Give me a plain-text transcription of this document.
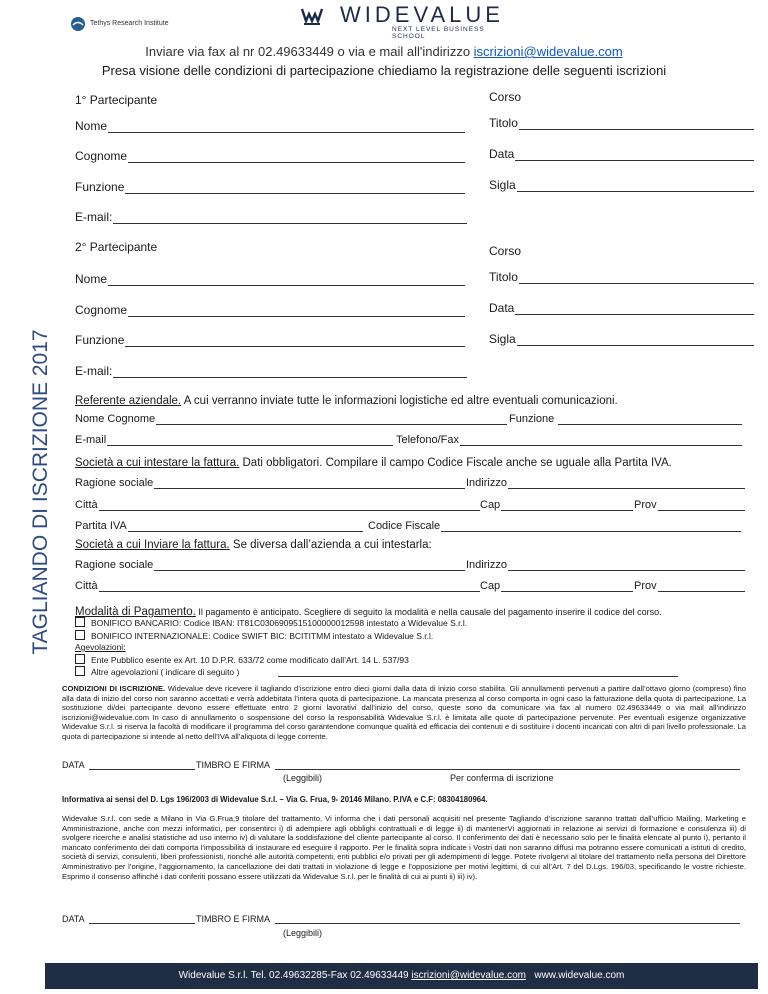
Tethys Research Institute	WIDEVALUE
NEXT LEVEL BUSINESS SCHOOL
Inviare via fax al nr 02.49633449 o via e mail all'indirizzo iscrizioni@widevalue.com
Presa visione delle condizioni di partecipazione chiediamo la registrazione delle seguenti iscrizioni
TAGLIANDO DI ISCRIZIONE 2017
1° Partecipante	Corso
Nome	Titolo
Cognome	Data
Funzione	Sigla
E-mail:
2° Partecipante	Corso
Nome	Titolo
Cognome	Data
Funzione	Sigla
E-mail:
Referente aziendale. A cui verranno inviate tutte le informazioni logistiche ed altre eventuali comunicazioni.
Nome Cognome	Funzione
E-mail	Telefono/Fax
Società a cui intestare la fattura. Dati obbligatori. Compilare il campo Codice Fiscale anche se uguale alla Partita IVA.
Ragione sociale	Indirizzo
Città	Cap	Prov
Partita IVA	Codice Fiscale
Società a cui Inviare la fattura. Se diversa dall’azienda a cui intestarla:
Ragione sociale	Indirizzo
Città	Cap	Prov
Modalità di Pagamento. Il pagamento è anticipato. Scegliere di seguito la modalità e nella causale del pagamento inserire il codice del corso.
BONIFICO BANCARIO: Codice IBAN: IT81C0306909515100000012598 intestato a Widevalue S.r.l.
BONIFICO INTERNAZIONALE: Codice SWIFT BIC: BCITITMM intestato a Widevalue S.r.l.
Agevolazioni:
Ente Pubblico esente ex Art. 10 D.P.R. 633/72 come modificato dall’Art. 14 L. 537/93
Altre agevolazioni ( indicare di seguito )
CONDIZIONI DI ISCRIZIONE. Widevalue deve ricevere il tagliando d’iscrizione entro dieci giorni dalla data di inizio corso stabilita. Gli annullamenti pervenuti a partire dall’ottavo giorno (compreso) fino alla data di inizio del corso non saranno accettati e verrà addebitata l’intera quota di partecipazione. La mancata presenza al corso comporta in ogni caso la fatturazione della quota di partecipazione. La sostituzione di/dei partecipante devono essere effettuate entro 2 giorni lavorativi dall’inizio del corso, queste sono da comunicare via fax al numero 02.49633449 o via mail all’indirizzo iscrizioni@widevalue.com In caso di annullamento o sospensione del corso la responsabilità Widevalue S.r.l. è limitata alle quote di partecipazione pervenute. Per eventuali esigenze organizzative Widevalue S.r.l. si riserva la facoltà di modificare il programma del corso garantendone comunque qualità ed efficacia dei contenuti e di sostituire i docenti incaricati con altri di pari livello professionale. La quota di partecipazione si intende al netto dell’IVA all’aliquota di legge corrente.
DATA	TIMBRO E FIRMA
(Leggibili)	Per conferma di iscrizione
Informativa ai sensi del D. Lgs 196/2003 di Widevalue S.r.l. – Via G. Frua, 9- 20146 Milano. P.IVA e C.F: 08304180964.
Widevalue S.r.l. con sede a Milano in Via G.Frua,9 titolare del trattamento, Vi informa che i dati personali acquisiti nel presente Tagliando d’iscrizione saranno trattati dall’ufficio Mailing, Marketing e Amministrazione, anche con mezzi informatici, per consentirci i) di adempiere agli obblighi contrattuali e di legge ii) di mantenerVi aggiornati in relazione ai servizi di formazione e consulenza iii) di svolgere ricerche e analisi statistiche ad uso interno iv) di valutare la soddisfazione del cliente partecipante al corso. Il conferimento dei dati è necessario solo per le finalità elencate al punto i), pertanto il mancato conferimento dei dati comporta l’impossibilità di instaurare ed eseguire il rapporto. Per le finalità sopra indicate i Vostri dati non saranno diffusi ma potranno essere comunicati a istituti di credito, società di servizi, consulenti, liberi professionisti, nonché alle autorità competenti, enti pubblici e/o privati per gli adempimenti di legge. Potete rivolgervi al titolare del trattamento nella persona del Direttore Amministrativo per l’origine, l’aggiornamento, la cancellazione dei dati trattati in violazione di legge e l’opposizione per motivi legittimi, di cui all’Art. 7 del D.Lgs. 196/03, specificando le vostre richieste. Esprimo il consenso affinché i dati conferiti possano essere utilizzati da Widevalue S.r.l. per le finalità di cui ai punti ii) iii) iv).
DATA	TIMBRO E FIRMA
(Leggibili)
Widevalue S.r.l. Tel. 02.49632285-Fax 02.49633449 iscrizioni@widevalue.com   www.widevalue.com
